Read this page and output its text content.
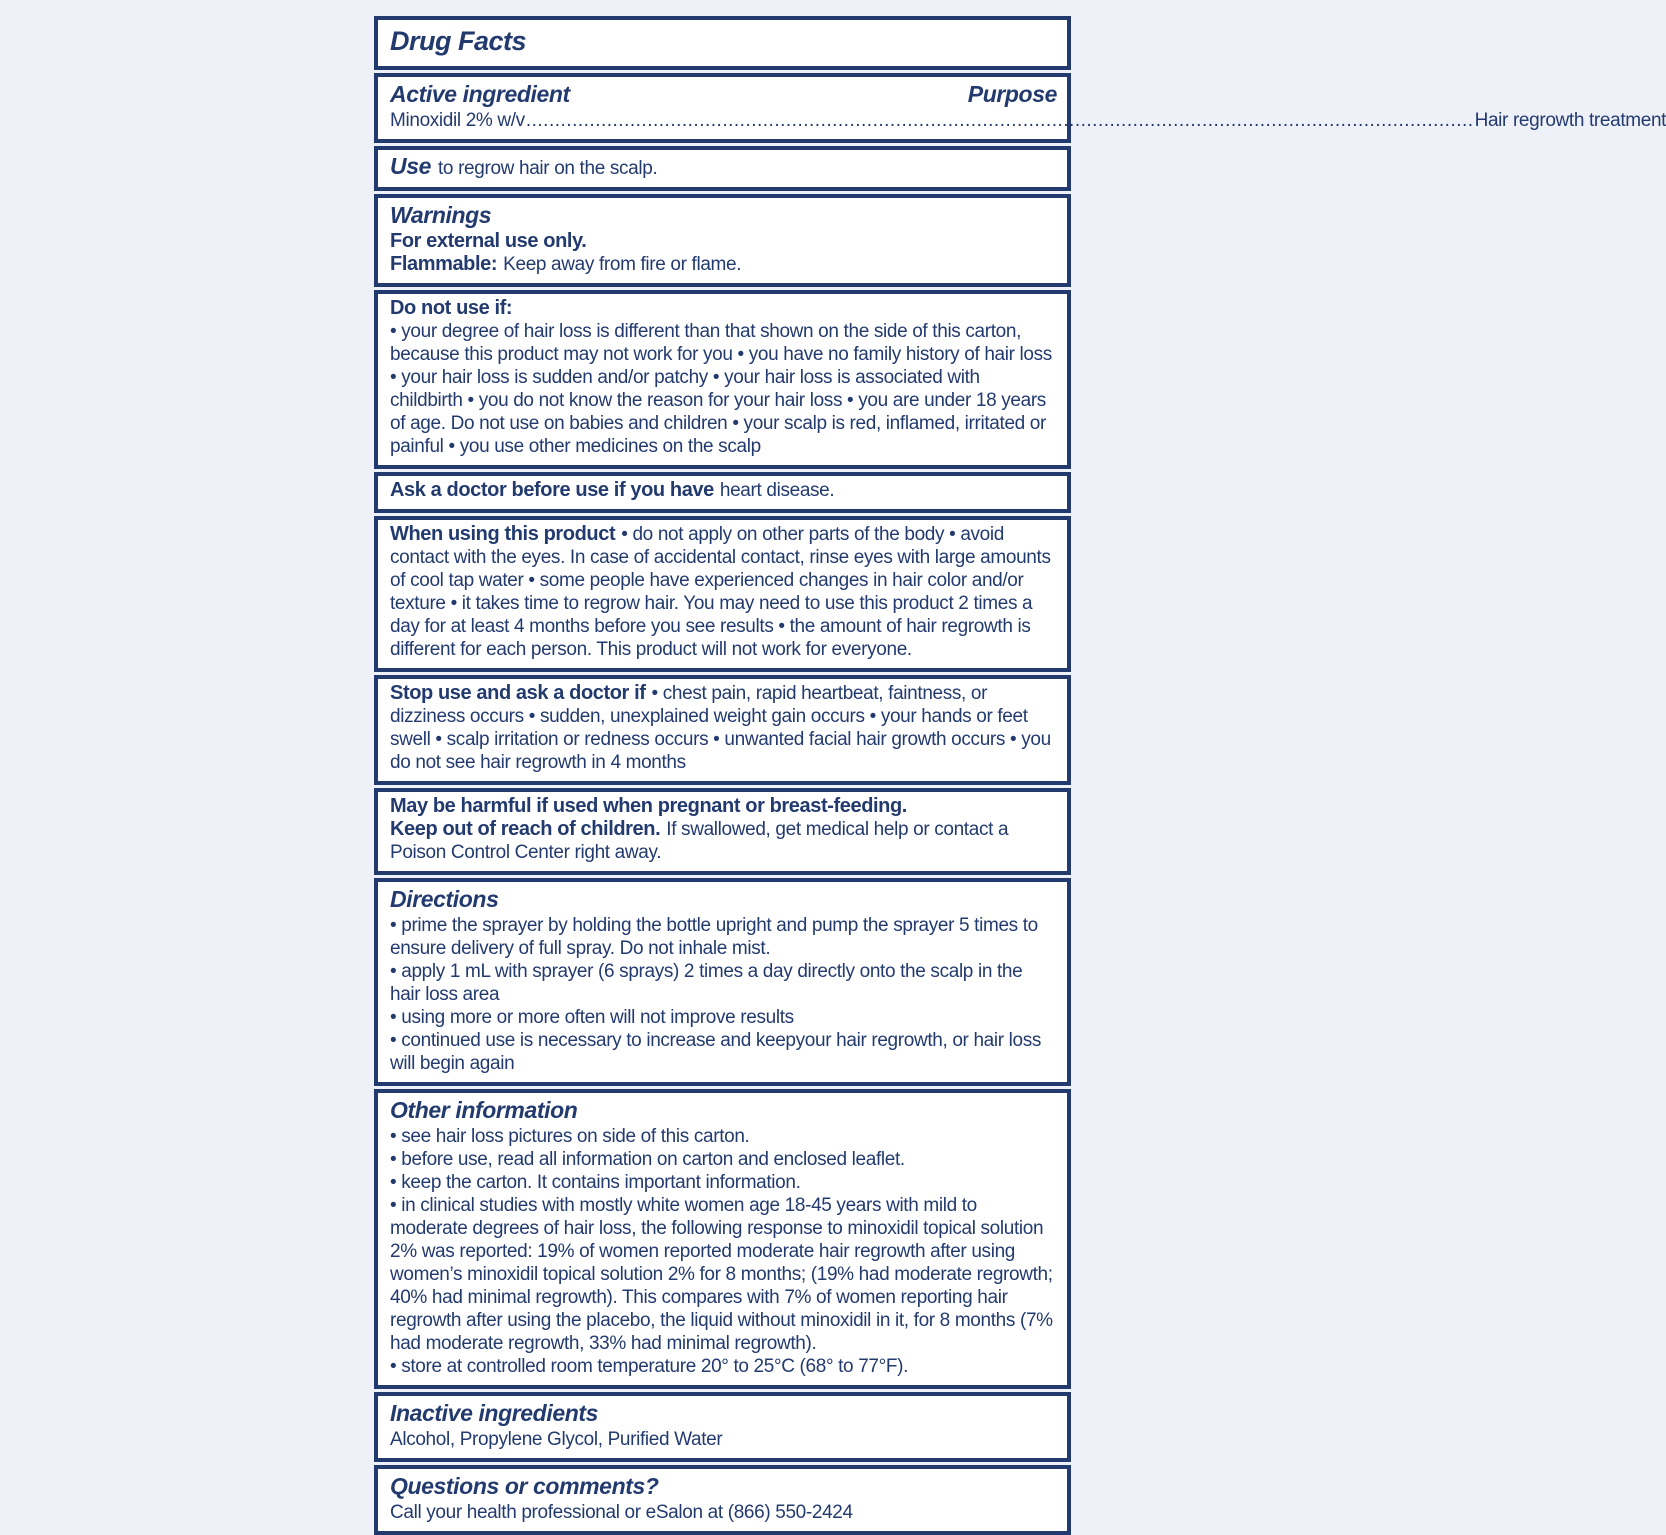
Drug Facts
Active ingredient	Purpose
Minoxidil 2% w/v .....	Hair regrowth treatment

Use to regrow hair on the scalp.

Warnings

For external use only.

Flammable: Keep away from fire or flame.

Do not use if:

• your degree of hair loss is different than that shown on the side of this carton, because this product may not work for you • you have no family history of hair loss • your hair loss is sudden and/or patchy • your hair loss is associated with childbirth • you do not know the reason for your hair loss • you are under 18 years of age. Do not use on babies and children • your scalp is red, inflamed, irritated or painful • you use other medicines on the scalp

Ask a doctor before use if you have heart disease.

When using this product • do not apply on other parts of the body • avoid contact with the eyes. In case of accidental contact, rinse eyes with large amounts of cool tap water • some people have experienced changes in hair color and/or texture • it takes time to regrow hair. You may need to use this product 2 times a day for at least 4 months before you see results • the amount of hair regrowth is different for each person. This product will not work for everyone.

Stop use and ask a doctor if • chest pain, rapid heartbeat, faintness, or dizziness occurs • sudden, unexplained weight gain occurs • your hands or feet swell • scalp irritation or redness occurs • unwanted facial hair growth occurs • you do not see hair regrowth in 4 months

May be harmful if used when pregnant or breast-feeding.

Keep out of reach of children. If swallowed, get medical help or contact a Poison Control Center right away.

Directions

• prime the sprayer by holding the bottle upright and pump the sprayer 5 times to ensure delivery of full spray. Do not inhale mist.

• apply 1 mL with sprayer (6 sprays) 2 times a day directly onto the scalp in the hair loss area

• using more or more often will not improve results

• continued use is necessary to increase and keepyour hair regrowth, or hair loss will begin again

Other information

• see hair loss pictures on side of this carton.

• before use, read all information on carton and enclosed leaflet.

• keep the carton. It contains important information.

• in clinical studies with mostly white women age 18-45 years with mild to moderate degrees of hair loss, the following response to minoxidil topical solution 2% was reported: 19% of women reported moderate hair regrowth after using women’s minoxidil topical solution 2% for 8 months; (19% had moderate regrowth; 40% had minimal regrowth). This compares with 7% of women reporting hair regrowth after using the placebo, the liquid without minoxidil in it, for 8 months (7% had moderate regrowth, 33% had minimal regrowth).

• store at controlled room temperature 20° to 25°C (68° to 77°F).

Inactive ingredients

Alcohol, Propylene Glycol, Purified Water

Questions or comments?

Call your health professional or eSalon at (866) 550-2424
